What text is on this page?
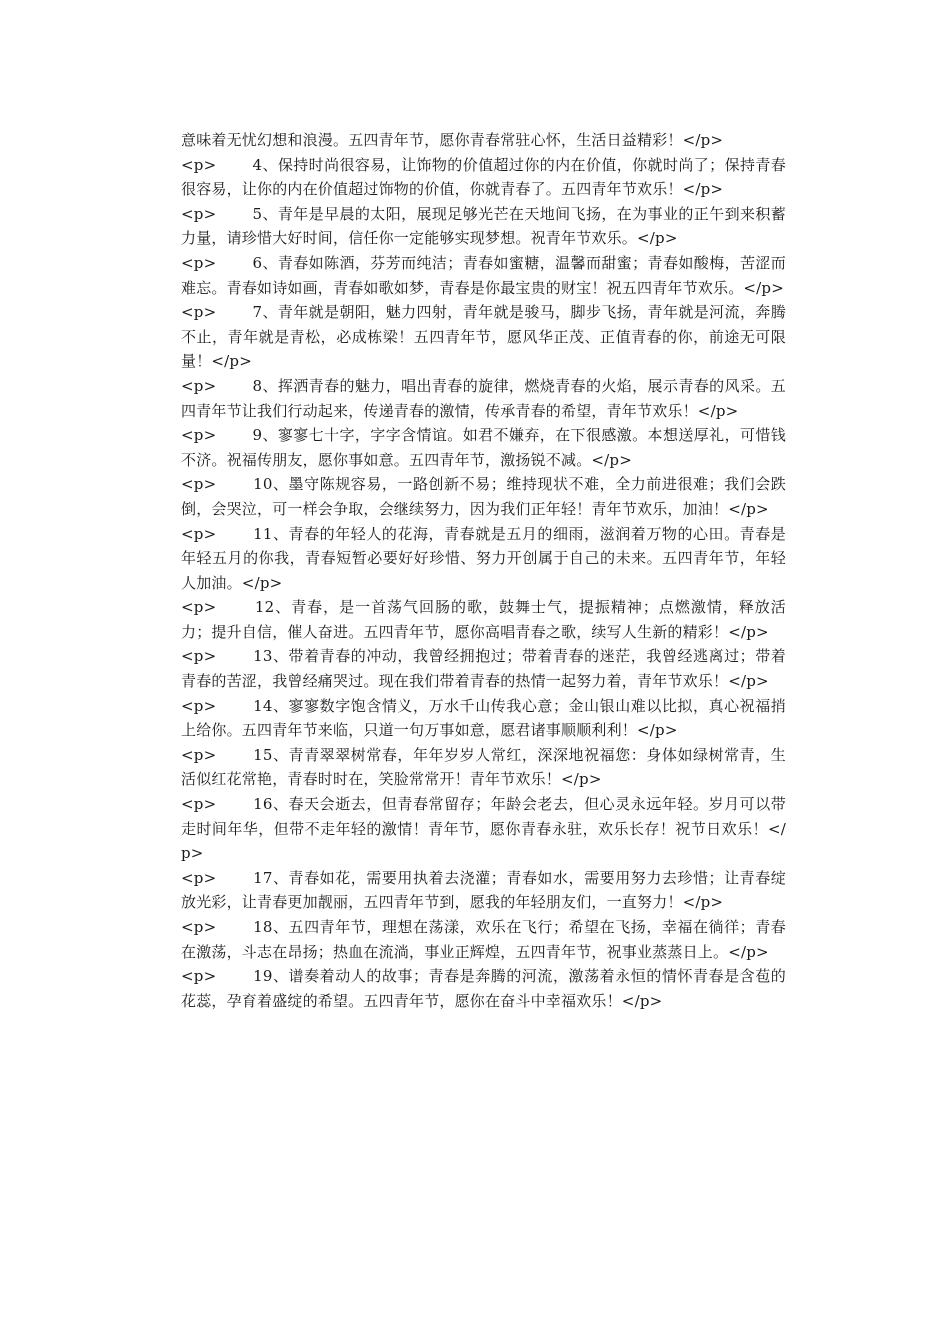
意味着无忧幻想和浪漫。五四青年节，愿你青春常驻心怀，生活日益精彩！</p>

<p>　　 4、保持时尚很容易，让饰物的价值超过你的内在价值，你就时尚了；保持青春很容易，让你的内在价值超过饰物的价值，你就青春了。五四青年节欢乐！</p>

<p>　　 5、青年是早晨的太阳，展现足够光芒在天地间飞扬，在为事业的正午到来积蓄力量，请珍惜大好时间，信任你一定能够实现梦想。祝青年节欢乐。</p>

<p>　　 6、青春如陈酒，芬芳而纯洁；青春如蜜糖，温馨而甜蜜；青春如酸梅，苦涩而难忘。青春如诗如画，青春如歌如梦，青春是你最宝贵的财宝！祝五四青年节欢乐。</p>

<p>　　 7、青年就是朝阳，魅力四射，青年就是骏马，脚步飞扬，青年就是河流，奔腾不止，青年就是青松，必成栋梁！五四青年节，愿风华正茂、正值青春的你，前途无可限量！</p>

<p>　　 8、挥洒青春的魅力，唱出青春的旋律，燃烧青春的火焰，展示青春的风采。五四青年节让我们行动起来，传递青春的激情，传承青春的希望，青年节欢乐！</p>

<p>　　 9、寥寥七十字，字字含情谊。如君不嫌弃，在下很感激。本想送厚礼，可惜钱不济。祝福传朋友，愿你事如意。五四青年节，激扬锐不减。</p>

<p>　　 10、墨守陈规容易，一路创新不易；维持现状不难，全力前进很难；我们会跌倒，会哭泣，可一样会争取，会继续努力，因为我们正年轻！青年节欢乐，加油！</p>

<p>　　 11、青春的年轻人的花海，青春就是五月的细雨，滋润着万物的心田。青春是年轻五月的你我，青春短暂必要好好珍惜、努力开创属于自己的未来。五四青年节，年轻人加油。</p>

<p>　　 12、青春，是一首荡气回肠的歌，鼓舞士气，提振精神；点燃激情，释放活力；提升自信，催人奋进。五四青年节，愿你高唱青春之歌，续写人生新的精彩！</p>

<p>　　 13、带着青春的冲动，我曾经拥抱过；带着青春的迷茫，我曾经逃离过；带着青春的苦涩，我曾经痛哭过。现在我们带着青春的热情一起努力着，青年节欢乐！</p>

<p>　　 14、寥寥数字饱含情义，万水千山传我心意；金山银山难以比拟，真心祝福捎上给你。五四青年节来临，只道一句万事如意，愿君诸事顺顺利利！</p>

<p>　　 15、青青翠翠树常春，年年岁岁人常红，深深地祝福您：身体如绿树常青，生活似红花常艳，青春时时在，笑脸常常开！青年节欢乐！</p>

<p>　　 16、春天会逝去，但青春常留存；年龄会老去，但心灵永远年轻。岁月可以带走时间年华，但带不走年轻的激情！青年节，愿你青春永驻，欢乐长存！祝节日欢乐！</p>

<p>　　 17、青春如花，需要用执着去浇灌；青春如水，需要用努力去珍惜；让青春绽放光彩，让青春更加靓丽，五四青年节到，愿我的年轻朋友们，一直努力！</p>

<p>　　 18、五四青年节，理想在荡漾，欢乐在飞行；希望在飞扬，幸福在徜徉；青春在激荡，斗志在昂扬；热血在流淌，事业正辉煌，五四青年节，祝事业蒸蒸日上。</p>

<p>　　 19、谱奏着动人的故事；青春是奔腾的河流，激荡着永恒的情怀青春是含苞的花蕊，孕育着盛绽的希望。五四青年节，愿你在奋斗中幸福欢乐！</p>
